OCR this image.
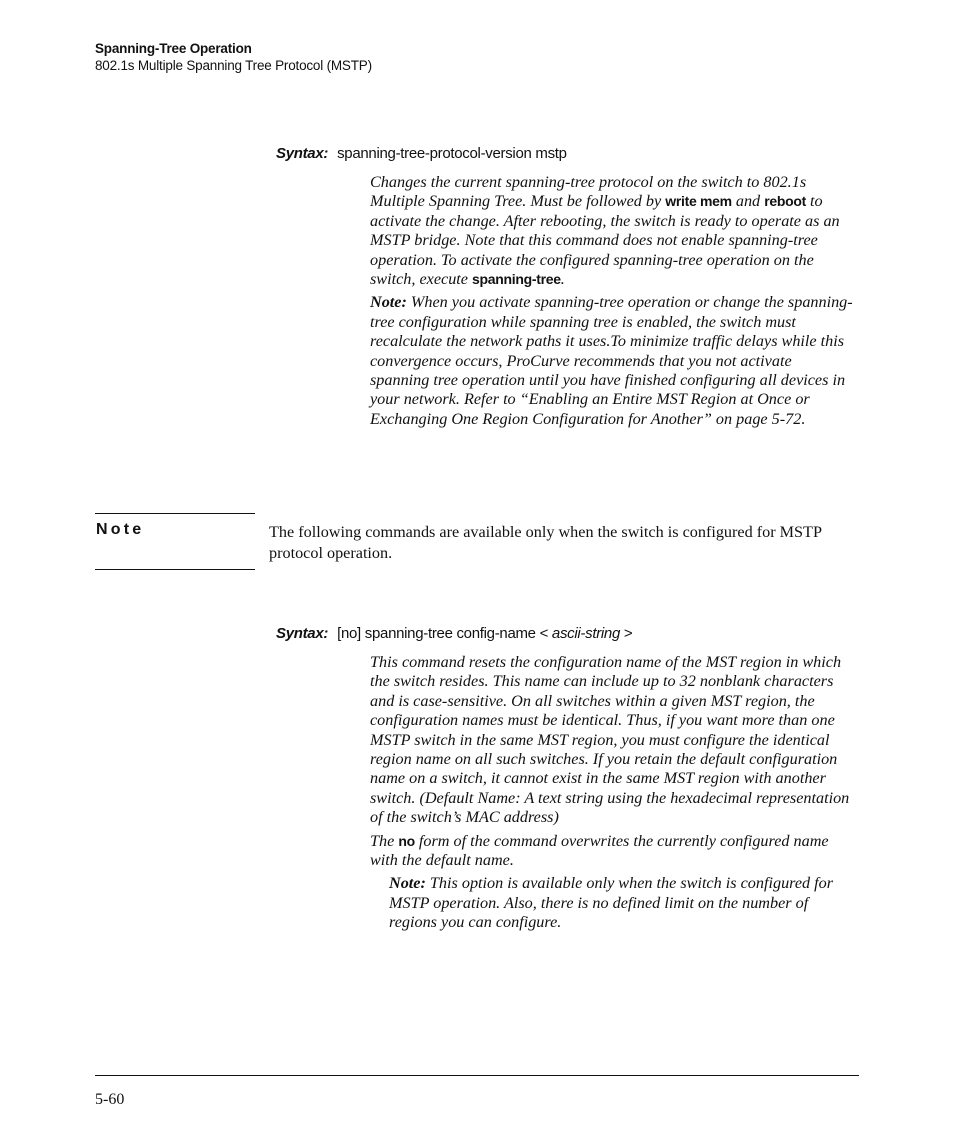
Spanning-Tree Operation
802.1s Multiple Spanning Tree Protocol (MSTP)
Syntax: spanning-tree-protocol-version mstp

Changes the current spanning-tree protocol on the switch to 802.1s Multiple Spanning Tree. Must be followed by write mem and reboot to activate the change. After rebooting, the switch is ready to operate as an MSTP bridge. Note that this command does not enable spanning-tree operation. To activate the configured spanning-tree operation on the switch, execute spanning-tree.

Note: When you activate spanning-tree operation or change the spanning-tree configuration while spanning tree is enabled, the switch must recalculate the network paths it uses.To minimize traffic delays while this convergence occurs, ProCurve recommends that you not activate spanning tree operation until you have finished configuring all devices in your network. Refer to “Enabling an Entire MST Region at Once or Exchanging One Region Configuration for Another” on page 5-72.

Note	The following commands are available only when the switch is configured for MSTP protocol operation.
Syntax: [no] spanning-tree config-name < ascii-string >

This command resets the configuration name of the MST region in which the switch resides. This name can include up to 32 nonblank characters and is case-sensitive. On all switches within a given MST region, the configuration names must be identical. Thus, if you want more than one MSTP switch in the same MST region, you must configure the identical region name on all such switches. If you retain the default configuration name on a switch, it cannot exist in the same MST region with another switch. (Default Name: A text string using the hexadecimal representation of the switch’s MAC address)

The no form of the command overwrites the currently configured name with the default name.

Note: This option is available only when the switch is configured for MSTP operation. Also, there is no defined limit on the number of regions you can configure.

5-60
